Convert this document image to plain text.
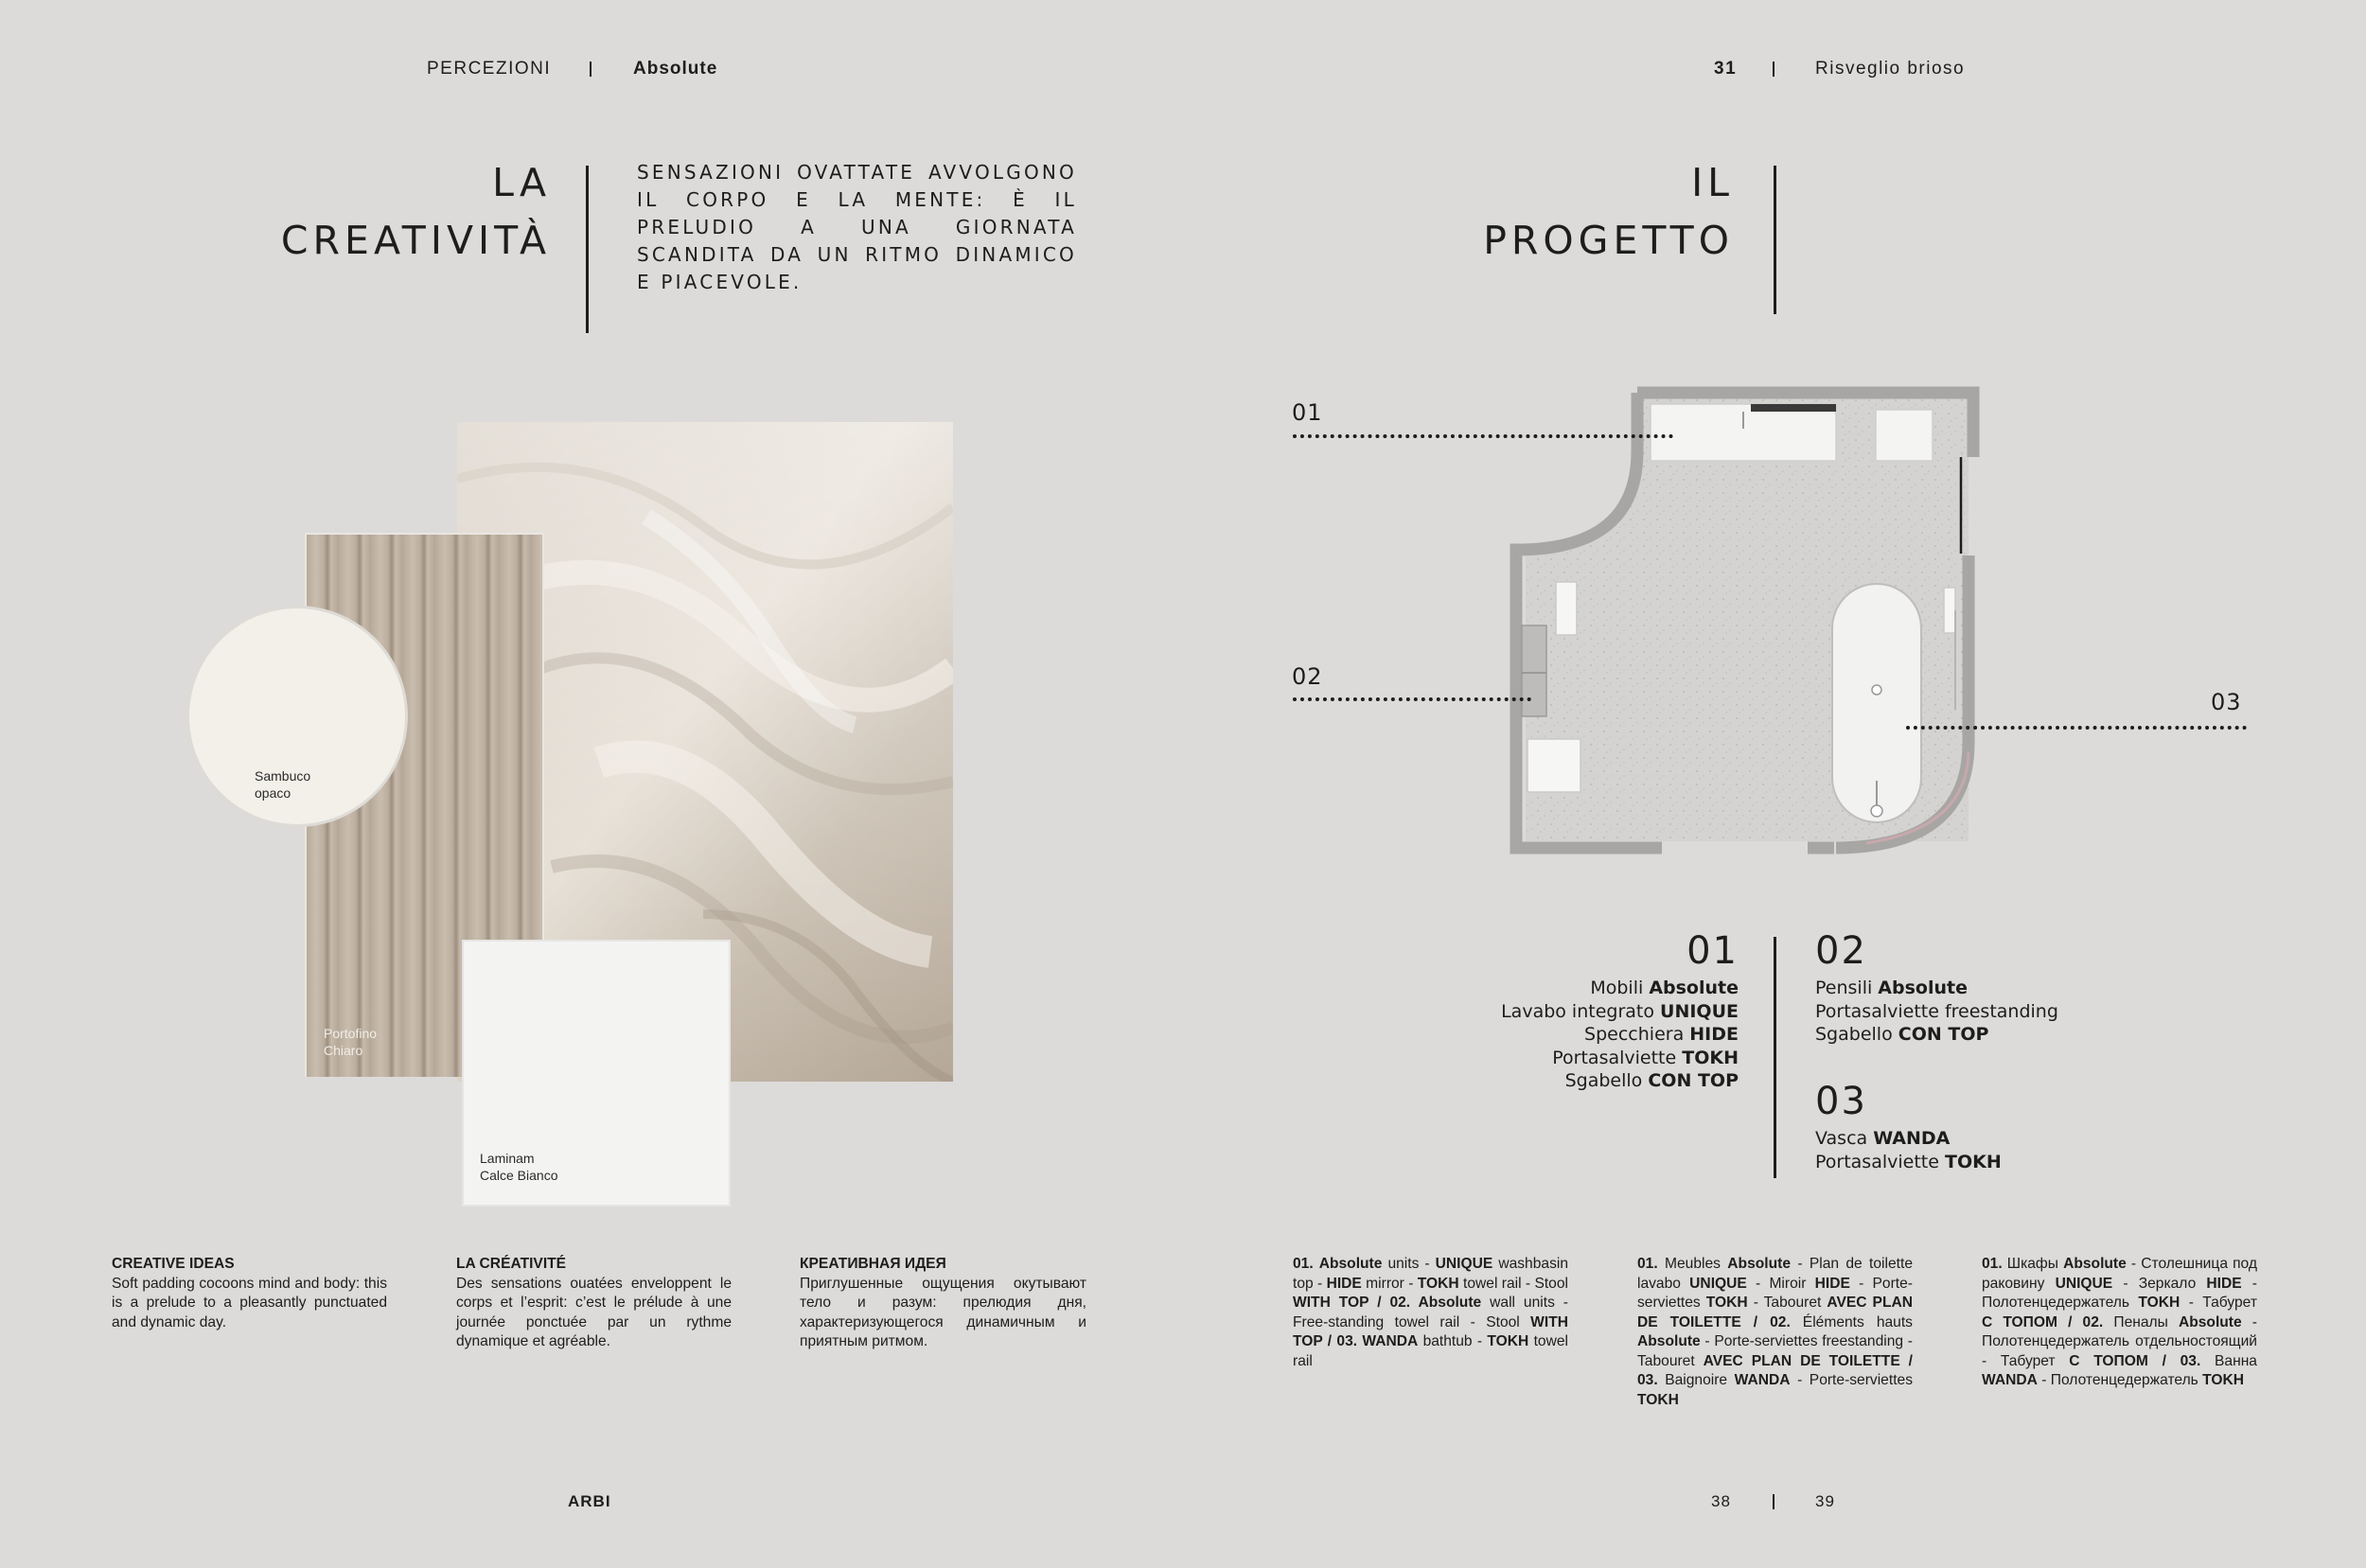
PERCEZIONI	Absolute	31	Risveglio brioso
LA
CREATIVITÀ
SENSAZIONI OVATTATE AVVOLGONO IL CORPO E LA MENTE: È IL PRELUDIO A UNA GIORNATA SCANDITA DA UN RITMO DINAMICO E PIACEVOLE.
Portofino
Chiaro
Laminam
Calce Bianco
Sambuco
opaco
CREATIVE IDEAS
Soft padding cocoons mind and body: this is a prelude to a pleasantly punctuated and dynamic day.
LA CRÉATIVITÉ
Des sensations ouatées enveloppent le corps et l’esprit: c’est le prélude à une journée ponctuée par un rythme dynamique et agréable.
КРЕАТИВНАЯ ИДЕЯ
Приглушенные ощущения окутывают тело и разум: прелюдия дня, характеризующегося динамичным и приятным ритмом.
IL
PROGETTO
01
02
03
01
Mobili Absolute
Lavabo integrato UNIQUE
Specchiera HIDE
Portasalviette TOKH
Sgabello CON TOP
02
Pensili Absolute
Portasalviette freestanding
Sgabello CON TOP
03
Vasca WANDA
Portasalviette TOKH
01. Absolute units - UNIQUE washbasin top - HIDE mirror - TOKH towel rail - Stool WITH TOP / 02. Absolute wall units - Free-standing towel rail - Stool WITH TOP / 03. WANDA bathtub - TOKH towel rail
01. Meubles Absolute - Plan de toilette lavabo UNIQUE - Miroir HIDE - Porte-serviettes TOKH - Tabouret AVEC PLAN DE TOILETTE / 02. Éléments hauts Absolute - Porte-serviettes freestanding - Tabouret AVEC PLAN DE TOILETTE / 03. Baignoire WANDA - Porte-serviettes TOKH
01. Шкафы Absolute - Столешница под раковину UNIQUE - Зеркало HIDE - Полотенцедержатель TOKH - Табурет С ТОПОМ / 02. Пеналы Absolute - Полотенцедержатель отдельностоящий - Табурет С ТОПОМ / 03. Ванна WANDA - Полотенцедержатель TOKH
ARBI	38	39
